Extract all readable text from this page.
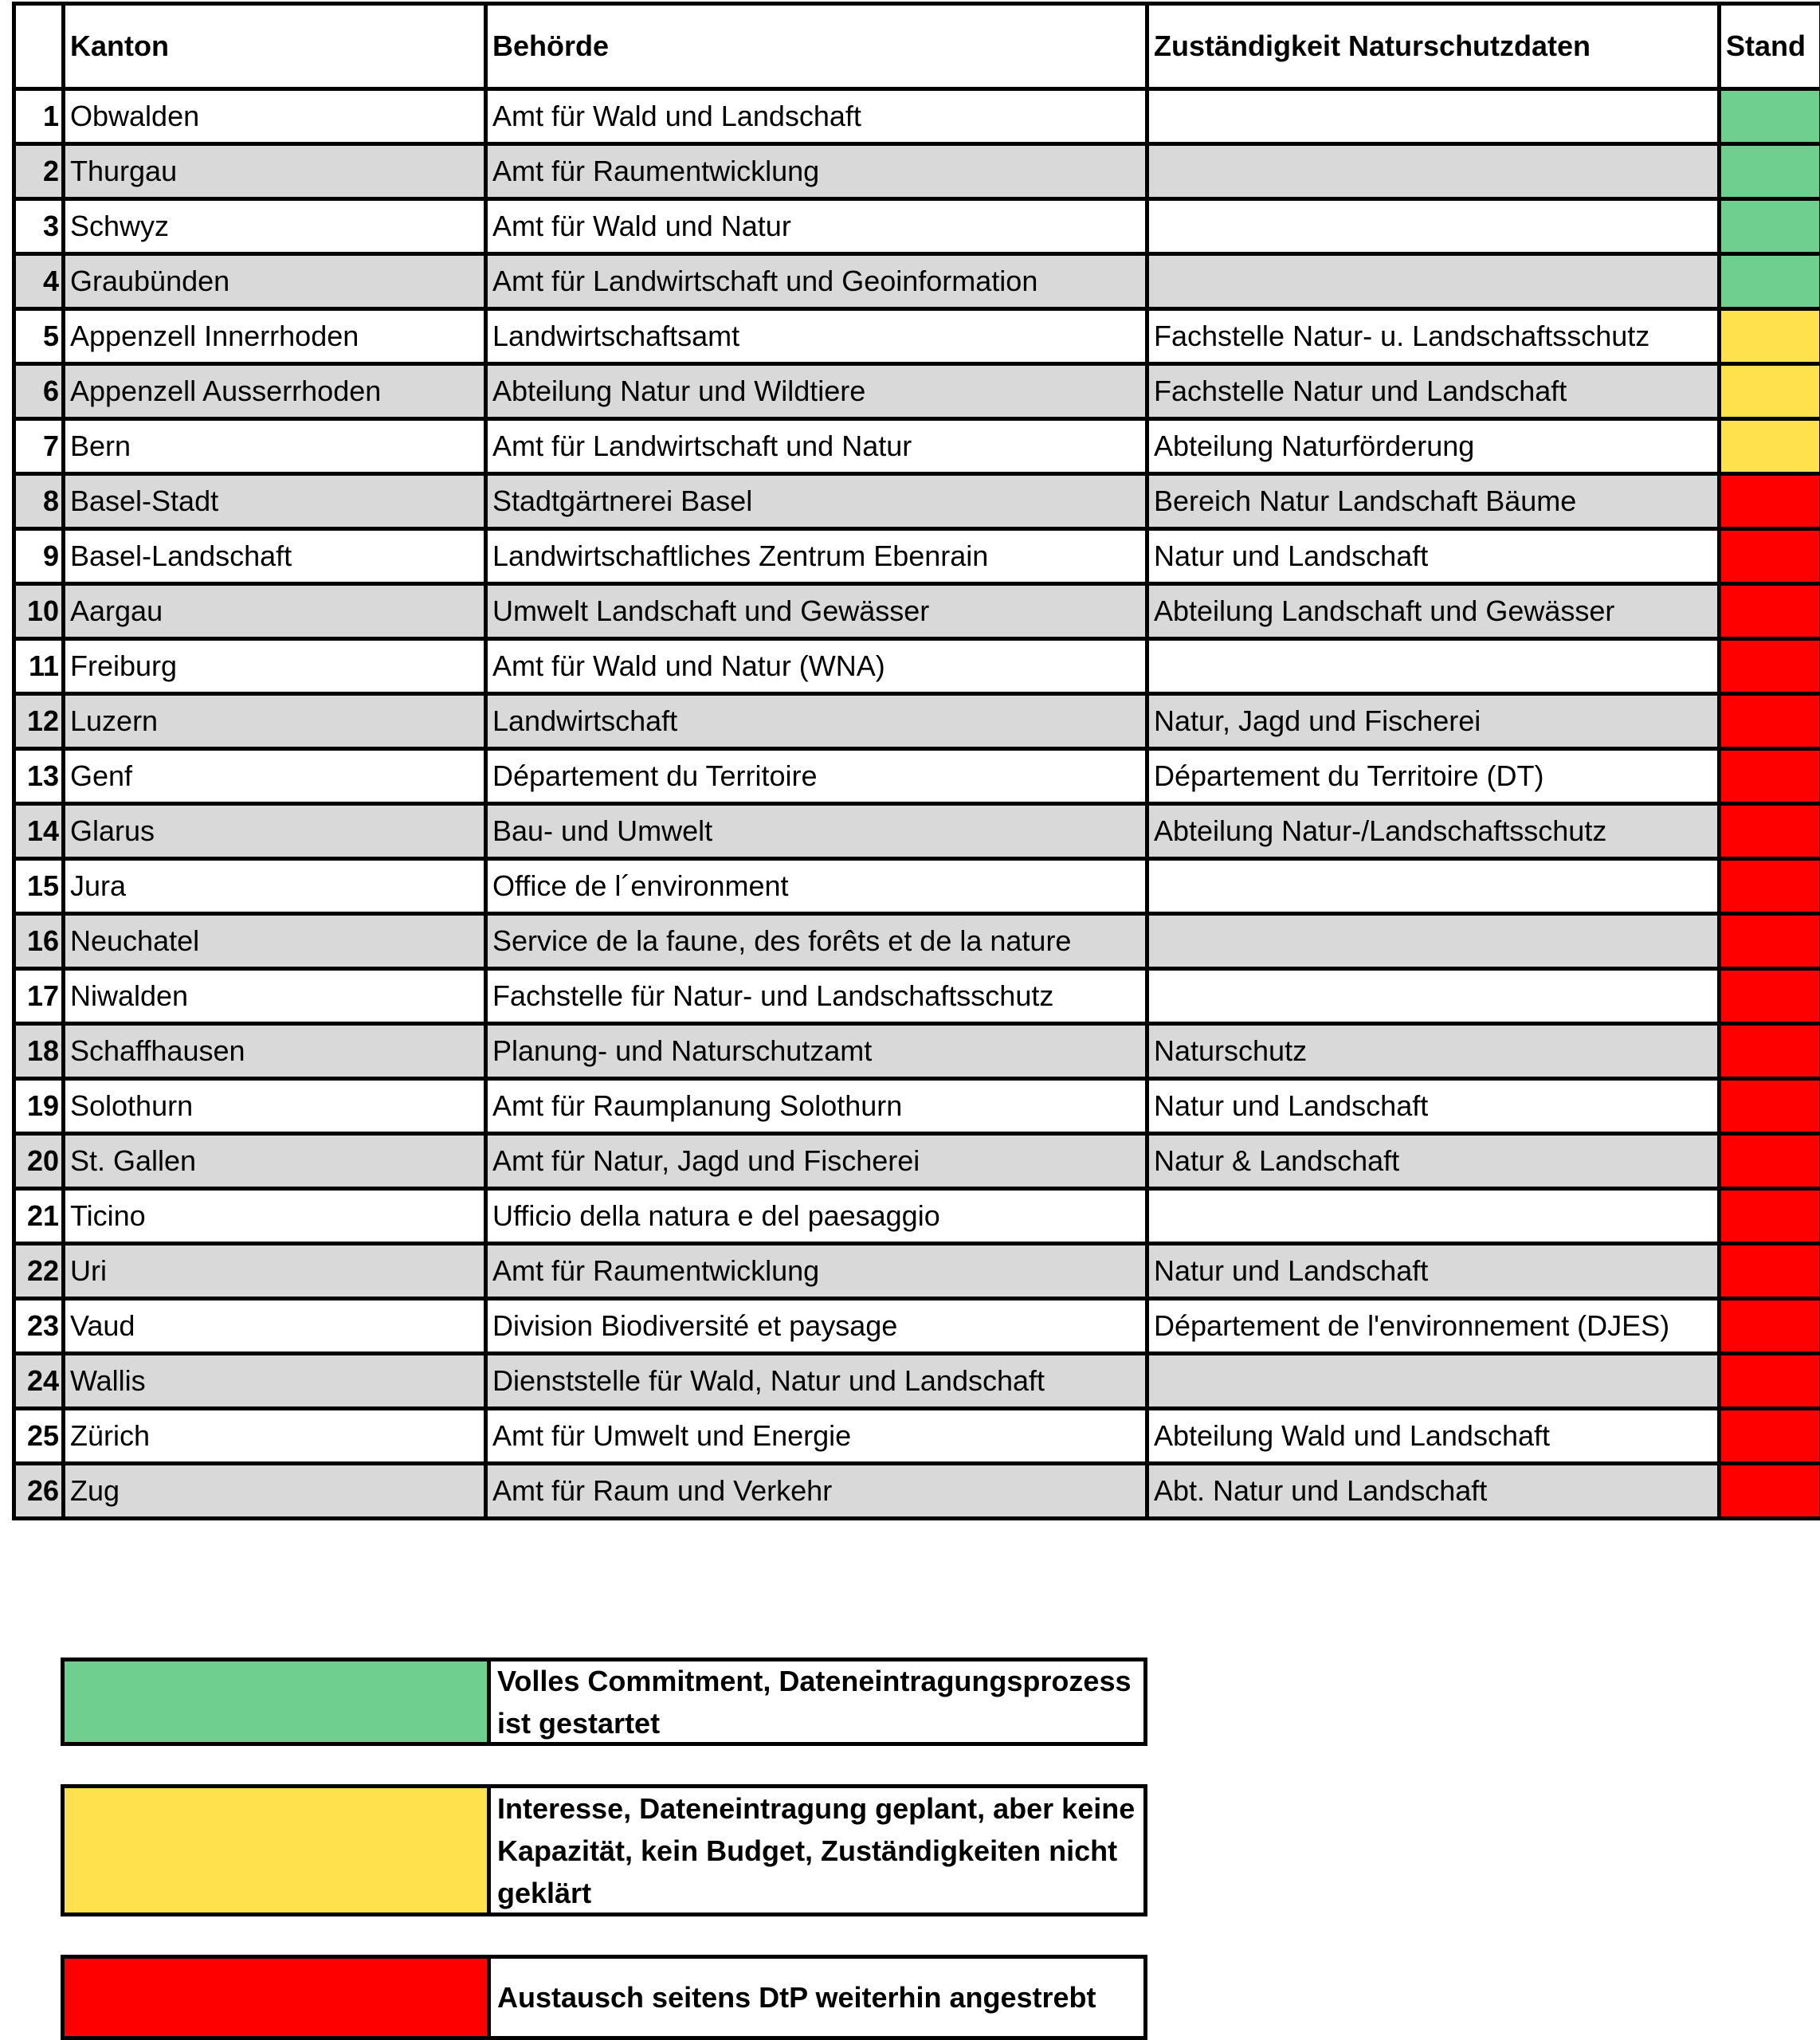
	Kanton	Behörde	Zuständigkeit Naturschutzdaten	Stand
1	Obwalden	Amt für Wald und Landschaft		
2	Thurgau	Amt für Raumentwicklung		
3	Schwyz	Amt für Wald und Natur		
4	Graubünden	Amt für Landwirtschaft und Geoinformation		
5	Appenzell Innerrhoden	Landwirtschaftsamt	Fachstelle Natur- u. Landschaftsschutz	
6	Appenzell Ausserrhoden	Abteilung Natur und Wildtiere	Fachstelle Natur und Landschaft	
7	Bern	Amt für Landwirtschaft und Natur	Abteilung Naturförderung	
8	Basel-Stadt	Stadtgärtnerei Basel	Bereich Natur Landschaft Bäume	
9	Basel-Landschaft	Landwirtschaftliches Zentrum Ebenrain	Natur und Landschaft	
10	Aargau	Umwelt Landschaft und Gewässer	Abteilung Landschaft und Gewässer	
11	Freiburg	Amt für Wald und Natur (WNA)		
12	Luzern	Landwirtschaft	Natur, Jagd und Fischerei	
13	Genf	Département du Territoire	Département du Territoire (DT)	
14	Glarus	Bau- und Umwelt	Abteilung Natur-/Landschaftsschutz	
15	Jura	Office de l´environment		
16	Neuchatel	Service de la faune, des forêts et de la nature		
17	Niwalden	Fachstelle für Natur- und Landschaftsschutz		
18	Schaffhausen	Planung- und Naturschutzamt	Naturschutz	
19	Solothurn	Amt für Raumplanung Solothurn	Natur und Landschaft	
20	St. Gallen	Amt für Natur, Jagd und Fischerei	Natur & Landschaft	
21	Ticino	Ufficio della natura e del paesaggio		
22	Uri	Amt für Raumentwicklung	Natur und Landschaft	
23	Vaud	Division Biodiversité et paysage	Département de l'environnement (DJES)	
24	Wallis	Dienststelle für Wald, Natur und Landschaft		
25	Zürich	Amt für Umwelt und Energie	Abteilung Wald und Landschaft	
26	Zug	Amt für Raum und Verkehr	Abt. Natur und Landschaft	
Volles Commitment, Dateneintragungsprozess ist gestartet
Interesse, Dateneintragung geplant, aber keine Kapazität, kein Budget, Zuständigkeiten nicht geklärt
Austausch seitens DtP weiterhin angestrebt
